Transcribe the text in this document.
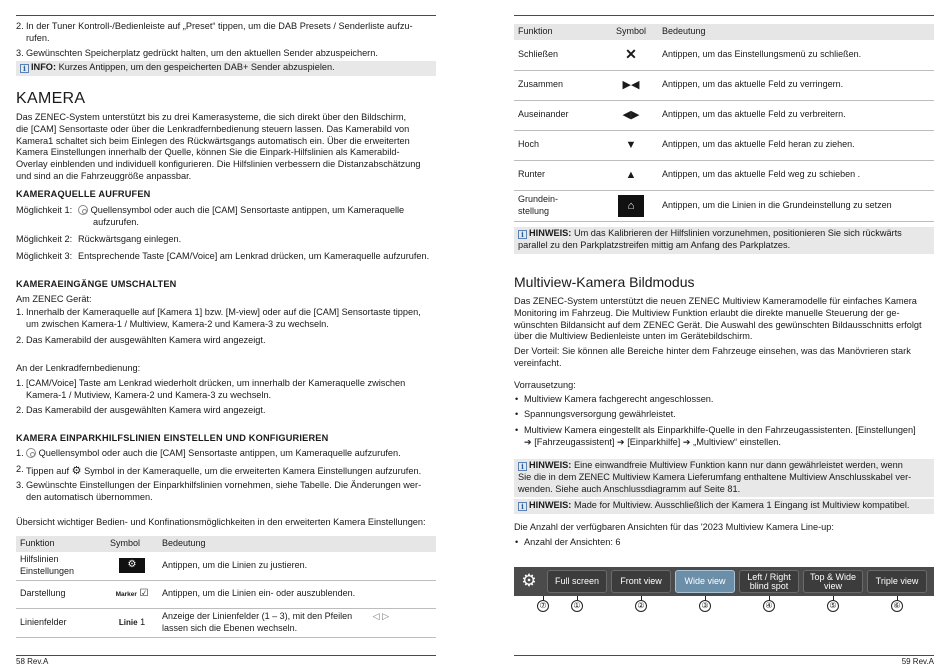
2. In der Tuner Kontroll-/Bedienleiste auf „Preset“ tippen, um die DAB Presets / Senderliste aufzu-
rufen.
3. Gewünschten Speicherplatz gedrückt halten, um den aktuellen Sender abzuspeichern.
i INFO: Kurzes Antippen, um den gespeicherten DAB+ Sender abzuspielen.
KAMERA
Das ZENEC-System unterstützt bis zu drei Kamerasysteme, die sich direkt über den Bildschirm,
die [CAM] Sensortaste oder über die Lenkradfernbedienung steuern lassen. Das Kamerabild von
Kamera1 schaltet sich beim Einlegen des Rückwärtsgangs automatisch ein. Über die erweiterten
Kamera Einstellungen innerhalb der Quelle, können Sie die Einpark-Hilfslinien als Kamerabild-
Overlay einblenden und individuell konfigurieren. Die Hilfslinien verbessern die Distanzabschätzung
und sind an die Fahrzeuggröße anpassbar.
KAMERAQUELLE AUFRUFEN
Möglichkeit 1:	Quellensymbol oder auch die [CAM] Sensortaste antippen, um Kameraquelle
aufzurufen.
Möglichkeit 2: Rückwärtsgang einlegen.
Möglichkeit 3: Entsprechende Taste [CAM/Voice] am Lenkrad drücken, um Kameraquelle aufzurufen.
KAMERAEINGÄNGE UMSCHALTEN
Am ZENEC Gerät:
1. Innerhalb der Kameraquelle auf [Kamera 1] bzw. [M-view] oder auf die [CAM] Sensortaste tippen,
um zwischen Kamera-1 / Multiview, Kamera-2 und Kamera-3 zu wechseln.
2. Das Kamerabild der ausgewählten Kamera wird angezeigt.
An der Lenkradfernbedienung:
1. [CAM/Voice] Taste am Lenkrad wiederholt drücken, um innerhalb der Kameraquelle zwischen
Kamera-1 / Mutiview, Kamera-2 und Kamera-3 zu wechseln.
2. Das Kamerabild der ausgewählten Kamera wird angezeigt.
KAMERA EINPARKHILFSLINIEN EINSTELLEN UND KONFIGURIEREN
1.	Quellensymbol oder auch die [CAM] Sensortaste antippen, um Kameraquelle aufzurufen.
2. Tippen auf ⚙ Symbol in der Kameraquelle, um die erweiterten Kamera Einstellungen aufzurufen.
3. Gewünschte Einstellungen der Einparkhilfslinien vornehmen, siehe Tabelle. Die Änderungen wer-
den automatisch übernommen.
Übersicht wichtiger Bedien- und Konfinationsmöglichkeiten in den erweiterten Kamera Einstellungen:
Funktion	Symbol	Bedeutung
Hilfslinien Einstellungen	⚙	Antippen, um die Linien zu justieren.
Darstellung	Marker ☑	Antippen, um die Linien ein- oder auszublenden.
Linienfelder	Linie 1	Anzeige der Linienfelder (1 – 3), mit den Pfeilen ◁ ▷
lassen sich die Ebenen wechseln.
58 Rev.A
Funktion	Symbol	Bedeutung
Schließen	✕	Antippen, um das Einstellungsmenü zu schließen.
Zusammen	▶◀	Antippen, um das aktuelle Feld zu verringern.
Auseinander	◀▶	Antippen, um das aktuelle Feld zu verbreitern.
Hoch	▼	Antippen, um das aktuelle Feld heran zu ziehen.
Runter	▲	Antippen, um das aktuelle Feld weg zu schieben .

Grundein-
stellung	⌂	Antippen, um die Linien in die Grundeinstellung zu setzen
i HINWEIS: Um das Kalibrieren der Hilfslinien vorzunehmen, positionieren Sie sich rückwärts
parallel zu den Parkplatzstreifen mittig am Anfang des Parkplatzes.
Multiview-Kamera Bildmodus
Das ZENEC-System unterstützt die neuen ZENEC Multiview Kameramodelle für einfaches Kamera
Monitoring im Fahrzeug. Die Multiview Funktion erlaubt die direkte manuelle Steuerung der ge-
wünschten Bildansicht auf dem ZENEC Gerät. Die Auswahl des gewünschten Bildausschnitts erfolgt
über die Multiview Bedienleiste unten im Gerätebildschirm.
Der Vorteil: Sie können alle Bereiche hinter dem Fahrzeuge einsehen, was das Manövrieren stark
vereinfacht.
Vorrausetzung:
• Multiview Kamera fachgerecht angeschlossen.
• Spannungsversorgung gewährleistet.
• Multiview Kamera eingestellt als Einparkhilfe-Quelle in den Fahrzeugassistenten. [Einstellungen]
➔ [Fahrzeugassistent] ➔ [Einparkhilfe] ➔ „Multiview“ einstellen.
i HINWEIS: Eine einwandfreie Multiview Funktion kann nur dann gewährleistet werden, wenn
Sie die in dem ZENEC Multiview Kamera Lieferumfang enthaltene Multiview Anschlusskabel ver-
wenden. Siehe auch Anschlussdiagramm auf Seite 81.
i HINWEIS: Made for Multiview. Ausschließlich der Kamera 1 Eingang ist Multiview kompatibel.
Die Anzahl der verfügbaren Ansichten für das '2023 Multiview Kamera Line-up:
• Anzahl der Ansichten: 6
⚙	Full screen	Front view	Wide view	Left / Right blind spot
Top & Wide view	Triple view
⑦	①	②	③	④	⑤	⑥
59 Rev.A
